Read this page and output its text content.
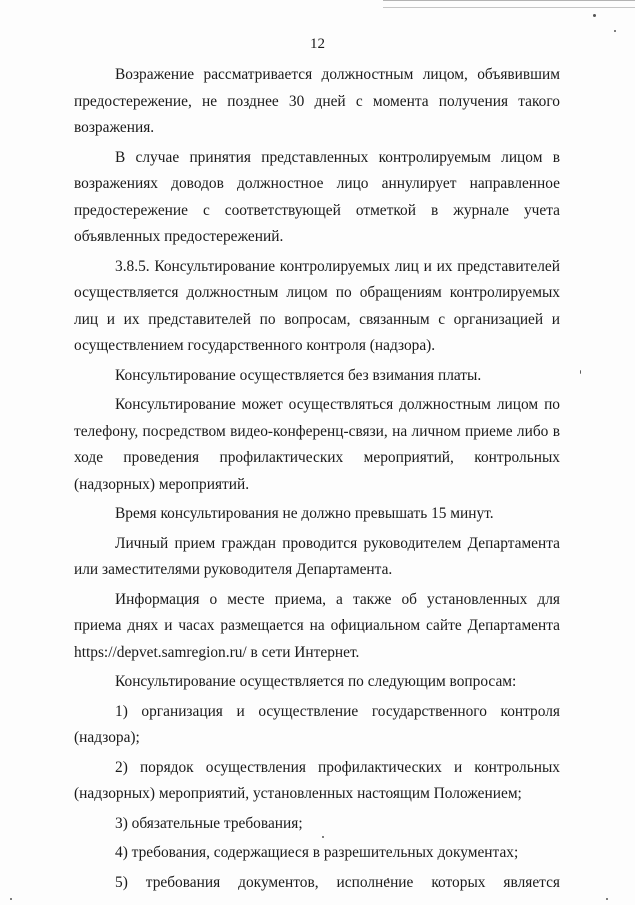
12

Возражение рассматривается должностным лицом, объявившим предостережение, не позднее 30 дней с момента получения такого возражения.

В случае принятия представленных контролируемым лицом в возражениях доводов должностное лицо аннулирует направленное предостережение с соответствующей отметкой в журнале учета объявленных предостережений.

3.8.5. Консультирование контролируемых лиц и их представителей осуществляется должностным лицом по обращениям контролируемых лиц и их представителей по вопросам, связанным с организацией и осуществлением государственного контроля (надзора).

Консультирование осуществляется без взимания платы.

Консультирование может осуществляться должностным лицом по телефону, посредством видео-конференц-связи, на личном приеме либо в ходе проведения профилактических мероприятий, контрольных (надзорных) мероприятий.

Время консультирования не должно превышать 15 минут.

Личный прием граждан проводится руководителем Департамента или заместителями руководителя Департамента.

Информация о месте приема, а также об установленных для приема днях и часах размещается на официальном сайте Департамента https://depvet.samregion.ru/ в сети Интернет.

Консультирование осуществляется по следующим вопросам:

1) организация и осуществление государственного контроля (надзора);

2) порядок осуществления профилактических и контрольных (надзорных) мероприятий, установленных настоящим Положением;

3) обязательные требования;

4) требования, содержащиеся в разрешительных документах;

5) требования документов, исполнение которых является
